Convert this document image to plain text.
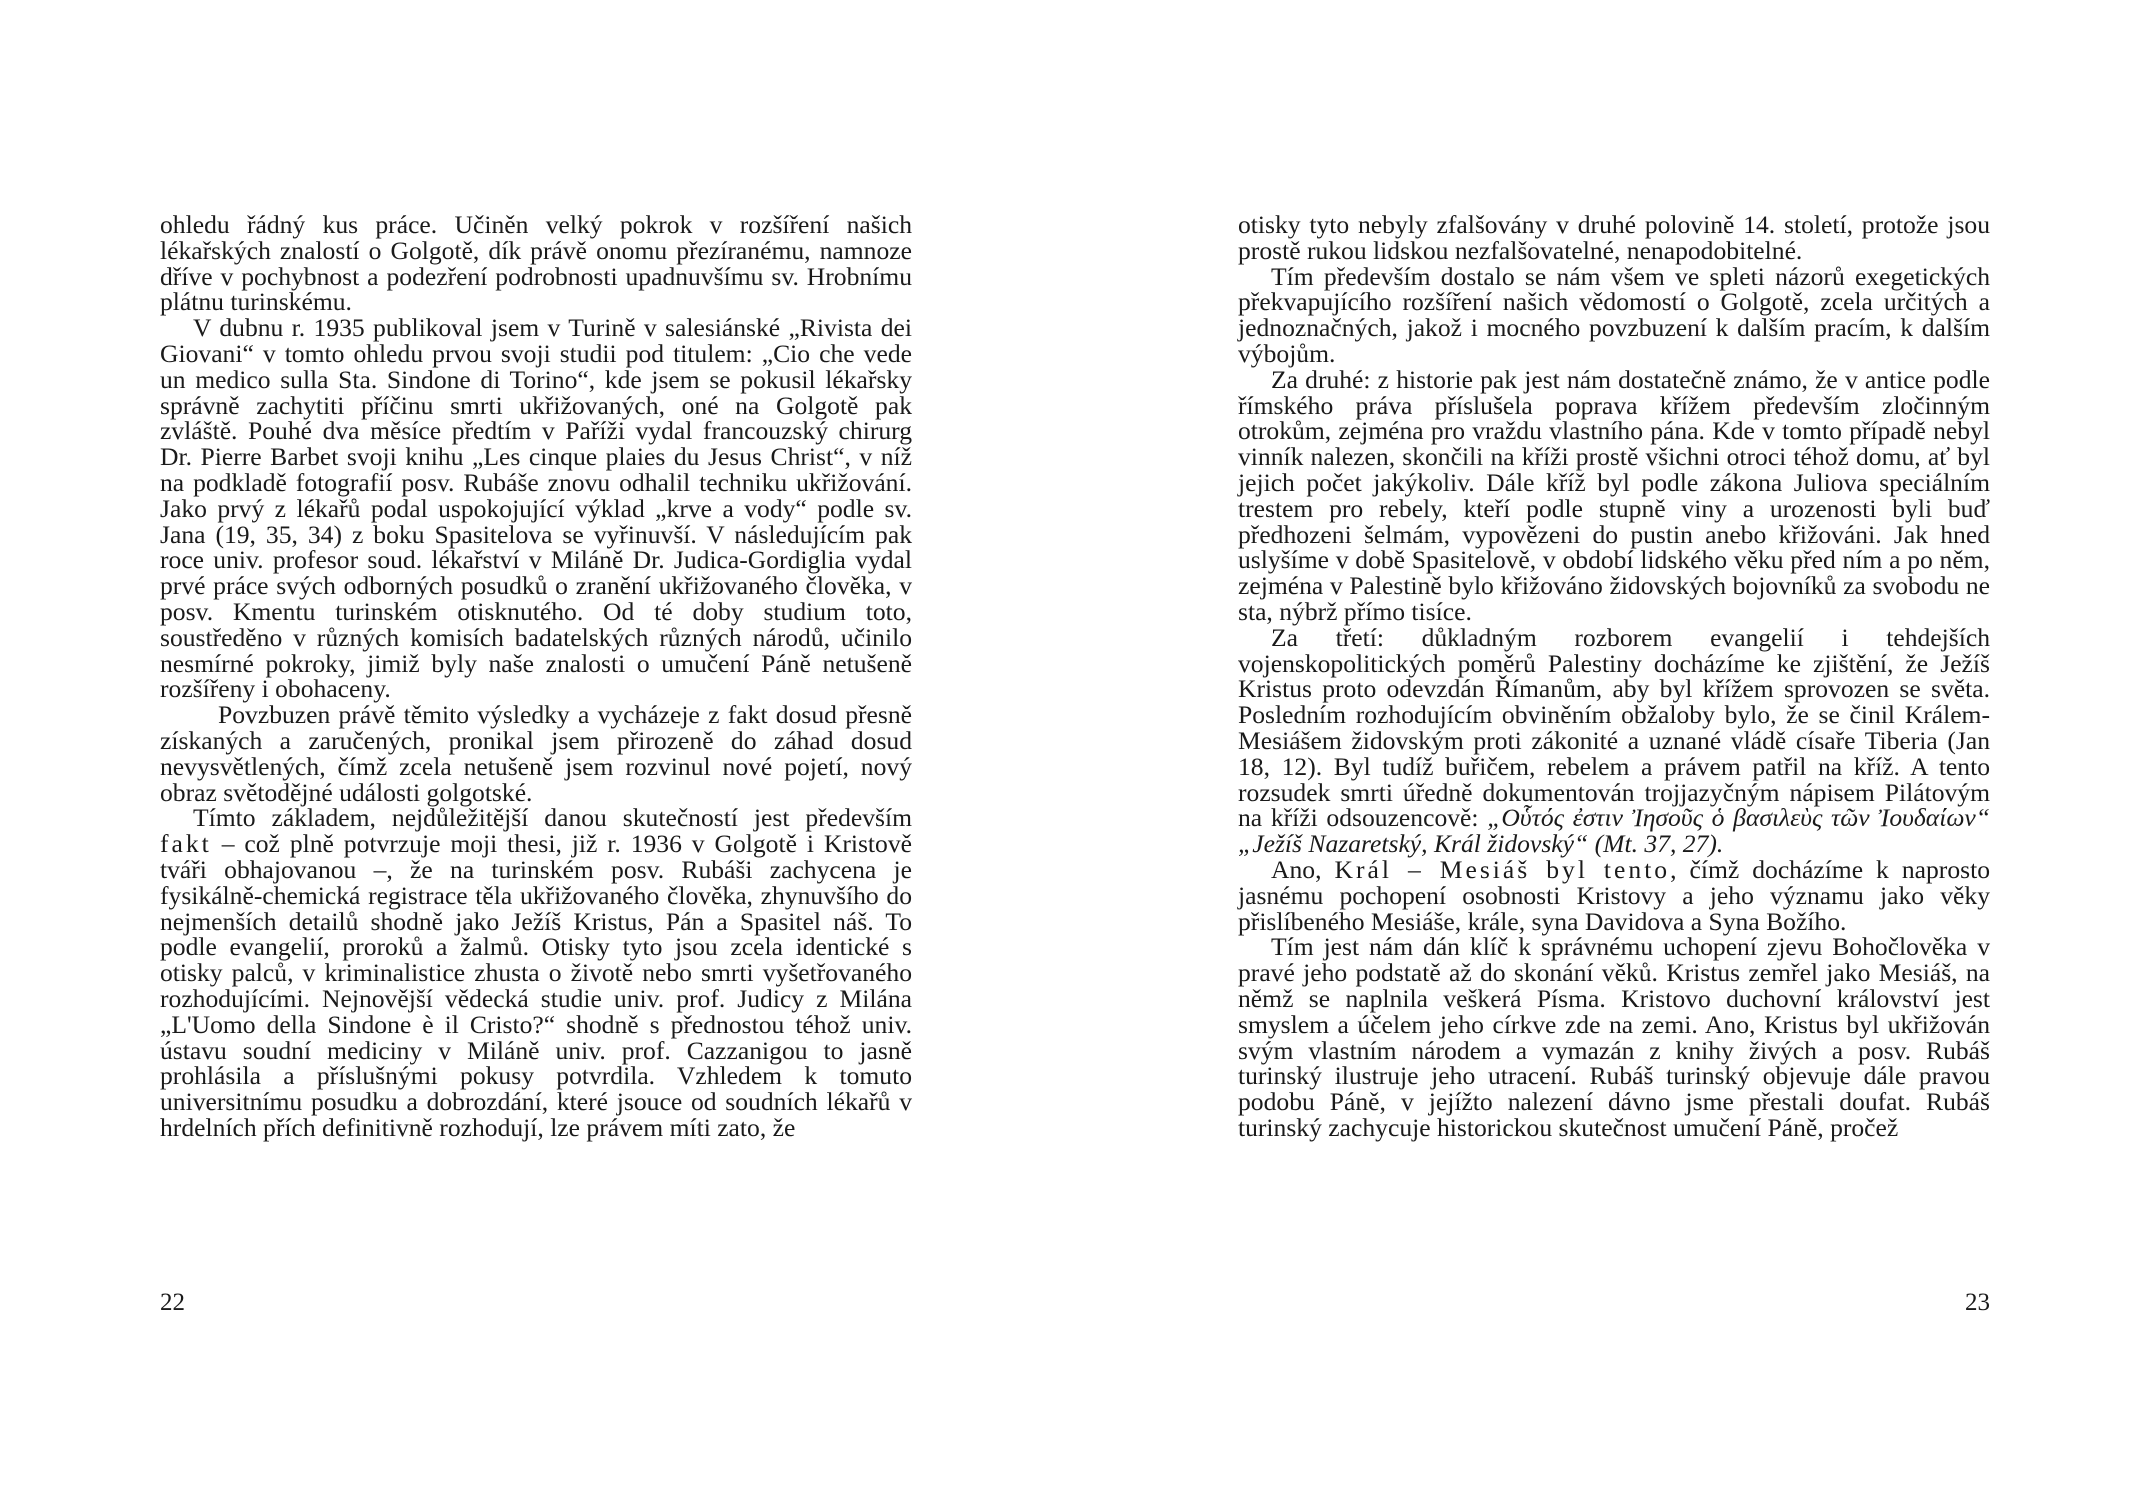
ohledu řádný kus práce. Učiněn velký pokrok v rozšíření našich lékařských znalostí o Golgotě, dík právě onomu přezíranému, namnoze dříve v pochybnost a podezření podrobnosti upadnuvšímu sv. Hrobnímu plátnu turinskému.

V dubnu r. 1935 publikoval jsem v Turině v salesiánské „Rivista dei Giovani“ v tomto ohledu prvou svoji studii pod titulem: „Cio che vede un medico sulla Sta. Sindone di Torino“, kde jsem se pokusil lékařsky správně zachytiti příčinu smrti ukřižovaných, oné na Golgotě pak zvláště. Pouhé dva měsíce předtím v Paříži vydal francouzský chirurg Dr. Pierre Barbet svoji knihu „Les cinque plaies du Jesus Christ“, v níž na podkladě fotografií posv. Rubáše znovu odhalil techniku ukřižování. Jako prvý z lékařů podal uspokojující výklad „krve a vody“ podle sv. Jana (19, 35, 34) z boku Spasitelova se vyřinuvší. V následujícím pak roce univ. profesor soud. lékařství v Miláně Dr. Judica-Gordiglia vydal prvé práce svých odborných posudků o zranění ukřižovaného člověka, v posv. Kmentu turinském otisknutého. Od té doby studium toto, soustředěno v různých komisích badatelských různých národů, učinilo nesmírné pokroky, jimiž byly naše znalosti o umučení Páně netušeně rozšířeny i obohaceny.

Povzbuzen právě těmito výsledky a vycházeje z fakt dosud přesně získaných a zaručených, pronikal jsem přirozeně do záhad dosud nevysvětlených, čímž zcela netušeně jsem rozvinul nové pojetí, nový obraz světodějné události golgotské.

Tímto základem, nejdůležitější danou skutečností jest především fakt – což plně potvrzuje moji thesi, již r. 1936 v Golgotě i Kristově tváři obhajovanou –, že na turinském posv. Rubáši zachycena je fysikálně-chemická registrace těla ukřižovaného člověka, zhynuvšího do nejmenších detailů shodně jako Ježíš Kristus, Pán a Spasitel náš. To podle evangelií, proroků a žalmů. Otisky tyto jsou zcela identické s otisky palců, v kriminalistice zhusta o životě nebo smrti vyšetřovaného rozhodujícími. Nejnovější vědecká studie univ. prof. Judicy z Milána „L'Uomo della Sindone è il Cristo?“ shodně s přednostou téhož univ. ústavu soudní mediciny v Miláně univ. prof. Cazzanigou to jasně prohlásila a příslušnými pokusy potvrdila. Vzhledem k tomuto universitnímu posudku a dobrozdání, které jsouce od soudních lékařů v hrdelních přích definitivně rozhodují, lze právem míti zato, že

22

otisky tyto nebyly zfalšovány v druhé polovině 14. století, protože jsou prostě rukou lidskou nezfalšovatelné, nenapodobitelné.

Tím především dostalo se nám všem ve spleti názorů exegetických překvapujícího rozšíření našich vědomostí o Golgotě, zcela určitých a jednoznačných, jakož i mocného povzbuzení k dalším pracím, k dalším výbojům.

Za druhé: z historie pak jest nám dostatečně známo, že v antice podle římského práva příslušela poprava křížem především zločinným otrokům, zejména pro vraždu vlastního pána. Kde v tomto případě nebyl vinník nalezen, skončili na kříži prostě všichni otroci téhož domu, ať byl jejich počet jakýkoliv. Dále kříž byl podle zákona Juliova speciálním trestem pro rebely, kteří podle stupně viny a urozenosti byli buď předhozeni šelmám, vypovězeni do pustin anebo křižováni. Jak hned uslyšíme v době Spasitelově, v období lidského věku před ním a po něm, zejména v Palestině bylo křižováno židovských bojovníků za svobodu ne sta, nýbrž přímo tisíce.

Za třetí: důkladným rozborem evangelií i tehdejších vojenskopolitických poměrů Palestiny docházíme ke zjištění, že Ježíš Kristus proto odevzdán Římanům, aby byl křížem sprovozen se světa. Posledním rozhodujícím obviněním obžaloby bylo, že se činil Králem-Mesiášem židovským proti zákonité a uznané vládě císaře Tiberia (Jan 18, 12). Byl tudíž buřičem, rebelem a právem patřil na kříž. A tento rozsudek smrti úředně dokumentován trojjazyčným nápisem Pilátovým na kříži odsouzencově: „Οὗτός ἐστιν Ἰησοῦς ὁ βασιλεὺς τῶν Ἰουδαίων“ „Ježíš Nazaretský, Král židovský“ (Mt. 37, 27).

Ano, Král – Mesiáš byl tento, čímž docházíme k naprosto jasnému pochopení osobnosti Kristovy a jeho významu jako věky přislíbeného Mesiáše, krále, syna Davidova a Syna Božího.

Tím jest nám dán klíč k správnému uchopení zjevu Bohočlověka v pravé jeho podstatě až do skonání věků. Kristus zemřel jako Mesiáš, na němž se naplnila veškerá Písma. Kristovo duchovní království jest smyslem a účelem jeho církve zde na zemi. Ano, Kristus byl ukřižován svým vlastním národem a vymazán z knihy živých a posv. Rubáš turinský ilustruje jeho utracení. Rubáš turinský objevuje dále pravou podobu Páně, v jejížto nalezení dávno jsme přestali doufat. Rubáš turinský zachycuje historickou skutečnost umučení Páně, pročež

23
